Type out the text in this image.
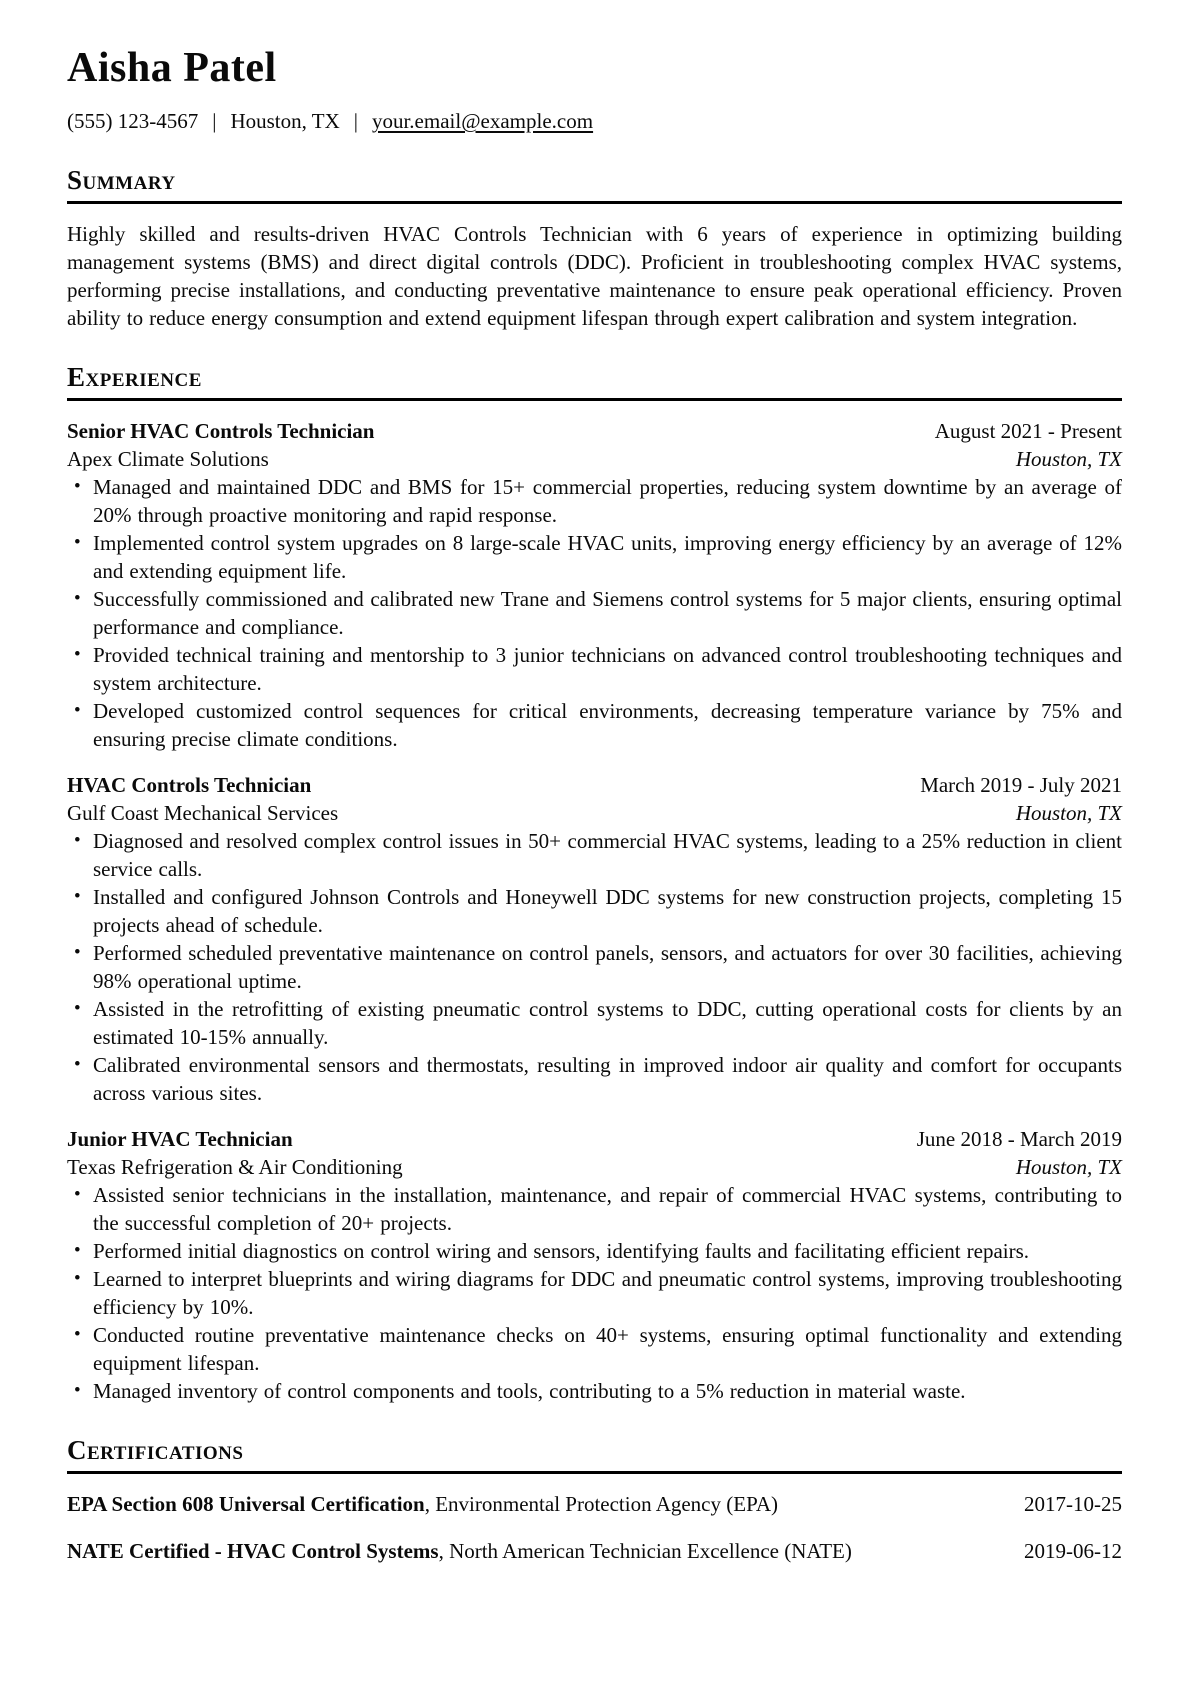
Aisha Patel
(555) 123-4567 | Houston, TX | your.email@example.com
Summary

Highly skilled and results-driven HVAC Controls Technician with 6 years of experience in optimizing building management systems (BMS) and direct digital controls (DDC). Proficient in troubleshooting complex HVAC systems, performing precise installations, and conducting preventative maintenance to ensure peak operational efficiency. Proven ability to reduce energy consumption and extend equipment lifespan through expert calibration and system integration.

Experience
Senior HVAC Controls Technician	August 2021 - Present
Apex Climate Solutions	Houston, TX
• Managed and maintained DDC and BMS for 15+ commercial properties, reducing system downtime by an average of 20% through proactive monitoring and rapid response.
• Implemented control system upgrades on 8 large-scale HVAC units, improving energy efficiency by an average of 12% and extending equipment life.
• Successfully commissioned and calibrated new Trane and Siemens control systems for 5 major clients, ensuring optimal performance and compliance.
• Provided technical training and mentorship to 3 junior technicians on advanced control troubleshooting techniques and system architecture.
• Developed customized control sequences for critical environments, decreasing temperature variance by 75% and ensuring precise climate conditions.
HVAC Controls Technician	March 2019 - July 2021
Gulf Coast Mechanical Services	Houston, TX
• Diagnosed and resolved complex control issues in 50+ commercial HVAC systems, leading to a 25% reduction in client service calls.
• Installed and configured Johnson Controls and Honeywell DDC systems for new construction projects, completing 15 projects ahead of schedule.
• Performed scheduled preventative maintenance on control panels, sensors, and actuators for over 30 facilities, achieving 98% operational uptime.
• Assisted in the retrofitting of existing pneumatic control systems to DDC, cutting operational costs for clients by an estimated 10-15% annually.
• Calibrated environmental sensors and thermostats, resulting in improved indoor air quality and comfort for occupants across various sites.
Junior HVAC Technician	June 2018 - March 2019
Texas Refrigeration & Air Conditioning	Houston, TX
• Assisted senior technicians in the installation, maintenance, and repair of commercial HVAC systems, contributing to the successful completion of 20+ projects.
• Performed initial diagnostics on control wiring and sensors, identifying faults and facilitating efficient repairs.
• Learned to interpret blueprints and wiring diagrams for DDC and pneumatic control systems, improving troubleshooting efficiency by 10%.
• Conducted routine preventative maintenance checks on 40+ systems, ensuring optimal functionality and extending equipment lifespan.
• Managed inventory of control components and tools, contributing to a 5% reduction in material waste.
Certifications
EPA Section 608 Universal Certification, Environmental Protection Agency (EPA)	2017-10-25
NATE Certified - HVAC Control Systems, North American Technician Excellence (NATE)	2019-06-12
